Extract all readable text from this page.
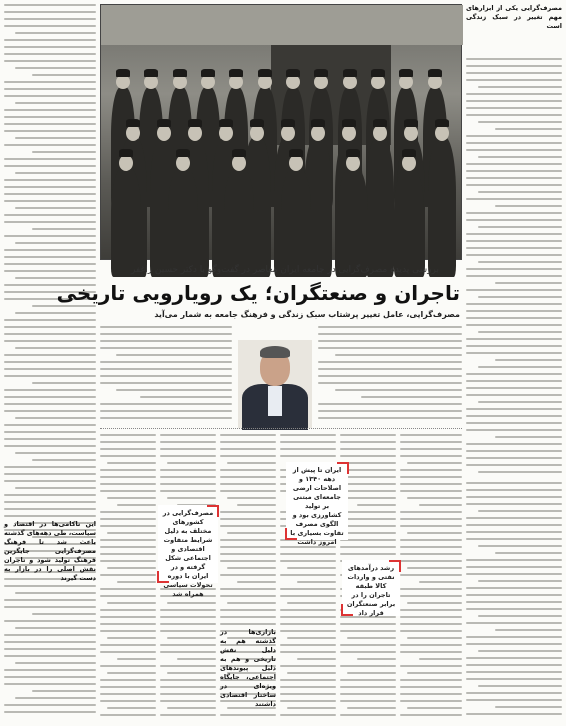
مصرف‌گرایی یکی از ابزارهای مهم تغییر در سبک زندگی است
بررسی پدیده مصرف‌گرایی در جامعه ایران معاصر در گفت‌وگو با دکتر حسین راغفر
تاجران و صنعتگران؛ یک رویارویی تاریخی
مصرف‌گرایی، عامل تغییر پرشتاب سبک زندگی و فرهنگ جامعه به شمار می‌آید
مصرف‌گرایی در کشورهای مختلف به دلیل شرایط متفاوت اقتصادی و اجتماعی شکل گرفته و در ایران با دوره تحولات سیاسی همراه شد
ایران تا پیش از دهه ۱۳۴۰ و اصلاحات ارضی جامعه‌ای مبتنی بر تولید کشاورزی بود و الگوی مصرف تفاوت بسیاری با امروز داشت
رشد درآمدهای نفتی و واردات کالا طبقه تاجران را در برابر صنعتگران قرار داد
این ناکامی‌ها در اقتصاد و سیاست، طی دهه‌های گذشته باعث شد تا فرهنگ مصرف‌گرایی جایگزین فرهنگ تولید شود و تاجران نقش اصلی را در بازار به دست گیرند
بازاری‌ها در گذشته هم به دلیل نقش تاریخی و هم به دلیل پیوندهای اجتماعی، جایگاه ویژه‌ای در ساختار اقتصادی داشتند
